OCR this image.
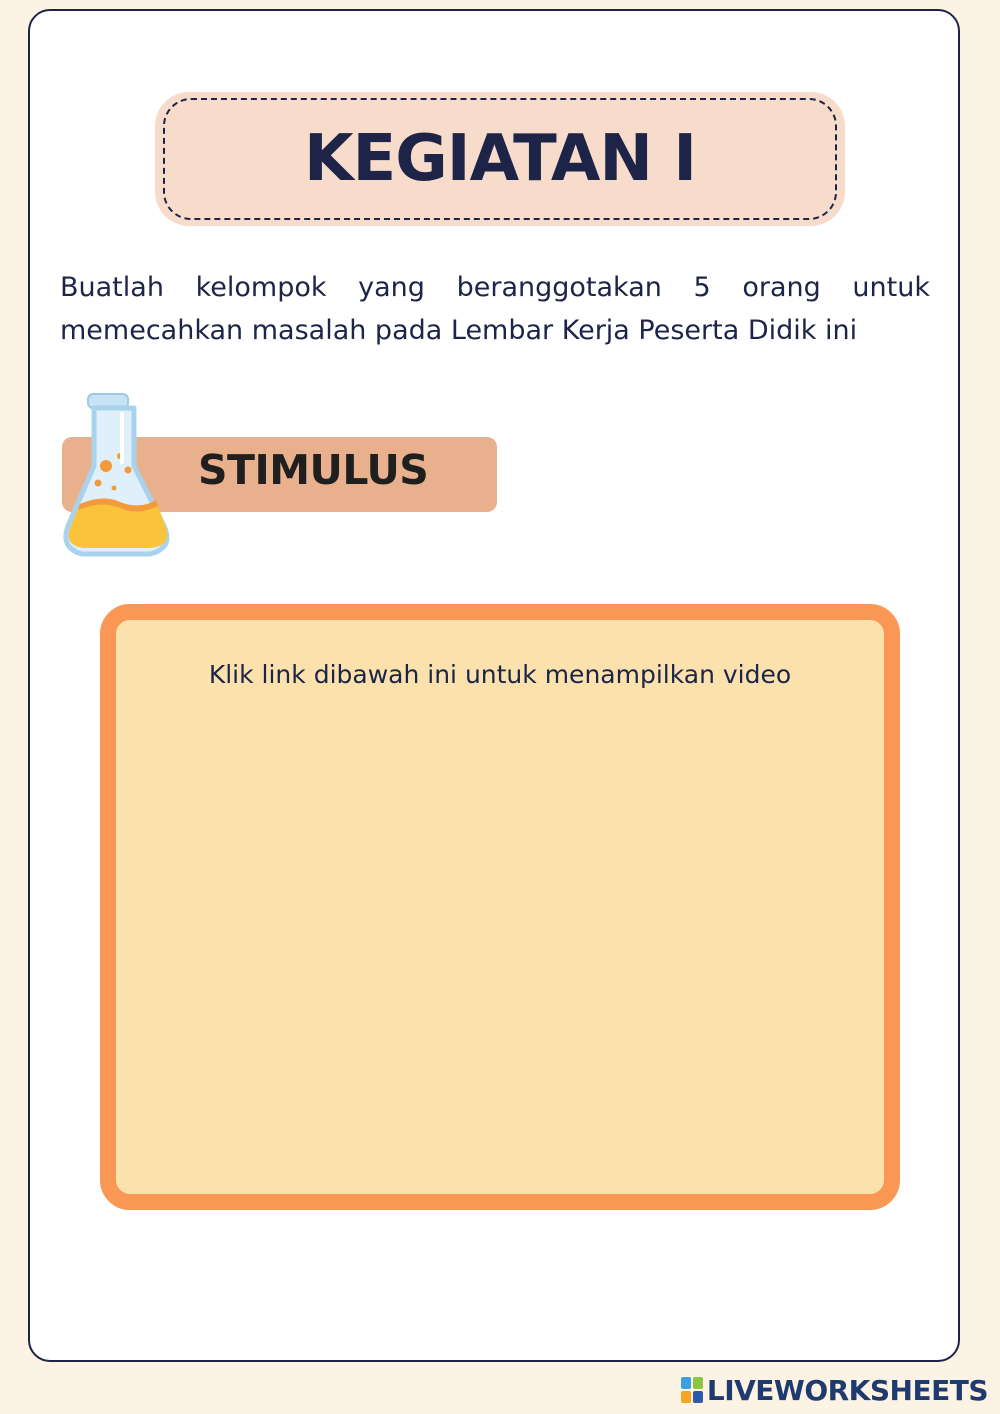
KEGIATAN I

Buatlah kelompok yang beranggotakan 5 orang untuk memecahkan masalah pada Lembar Kerja Peserta Didik ini

STIMULUS
Klik link dibawah ini untuk menampilkan video
LIVEWORKSHEETS
